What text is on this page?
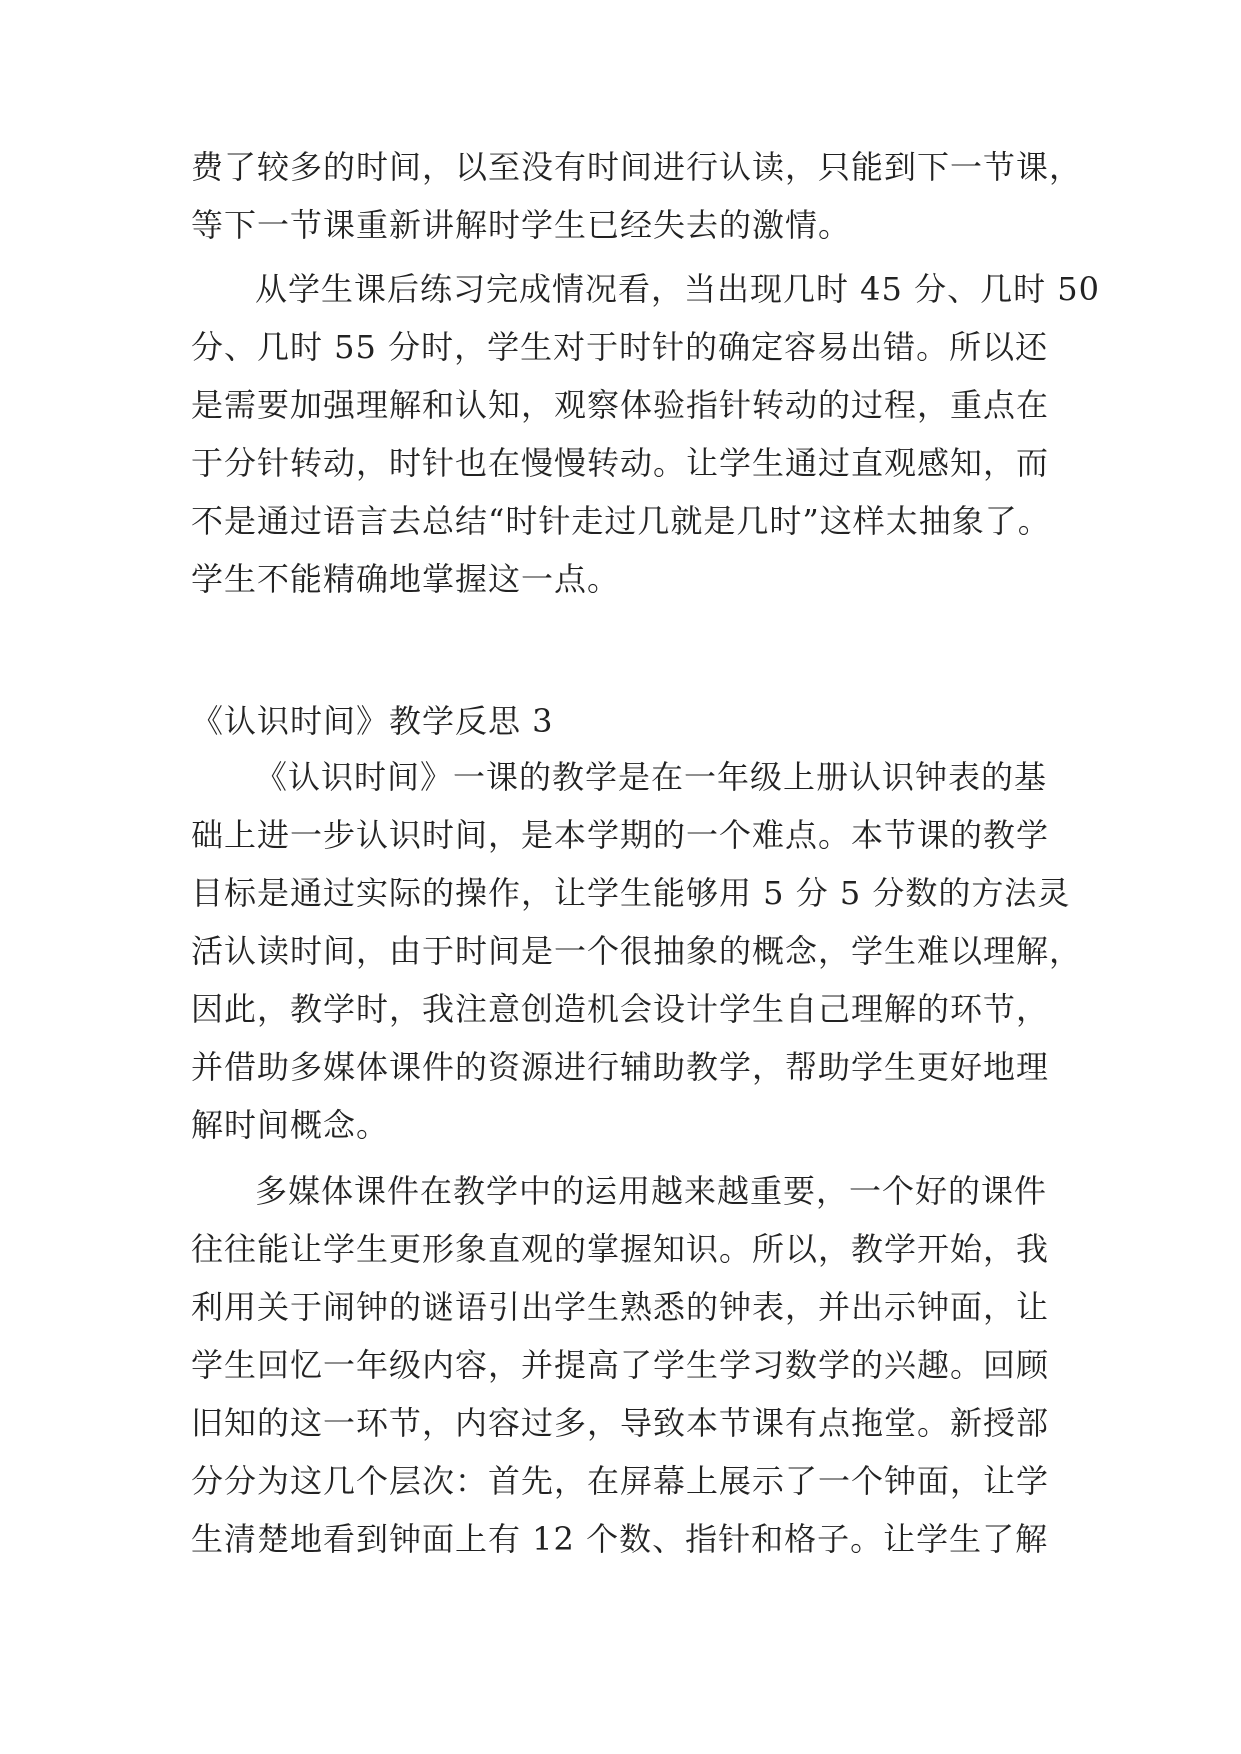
费了较多的时间，以至没有时间进行认读，只能到下一节课，
等下一节课重新讲解时学生已经失去的激情。
从学生课后练习完成情况看，当出现几时 45 分、几时 50
分、几时 55 分时，学生对于时针的确定容易出错。所以还
是需要加强理解和认知，观察体验指针转动的过程，重点在
于分针转动，时针也在慢慢转动。让学生通过直观感知，而
不是通过语言去总结“时针走过几就是几时”这样太抽象了。
学生不能精确地掌握这一点。
《认识时间》教学反思 3
《认识时间》一课的教学是在一年级上册认识钟表的基
础上进一步认识时间，是本学期的一个难点。本节课的教学
目标是通过实际的操作，让学生能够用 5 分 5 分数的方法灵
活认读时间，由于时间是一个很抽象的概念，学生难以理解，
因此，教学时，我注意创造机会设计学生自己理解的环节，
并借助多媒体课件的资源进行辅助教学，帮助学生更好地理
解时间概念。
多媒体课件在教学中的运用越来越重要，一个好的课件
往往能让学生更形象直观的掌握知识。所以，教学开始，我
利用关于闹钟的谜语引出学生熟悉的钟表，并出示钟面，让
学生回忆一年级内容，并提高了学生学习数学的兴趣。回顾
旧知的这一环节，内容过多，导致本节课有点拖堂。新授部
分分为这几个层次：首先，在屏幕上展示了一个钟面，让学
生清楚地看到钟面上有 12 个数、指针和格子。让学生了解
